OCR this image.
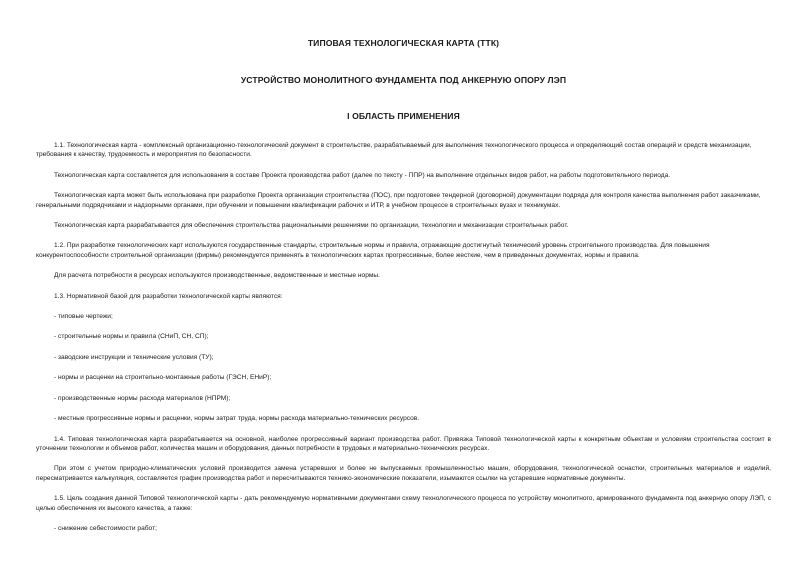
ТИПОВАЯ ТЕХНОЛОГИЧЕСКАЯ КАРТА (ТТК)
УСТРОЙСТВО МОНОЛИТНОГО ФУНДАМЕНТА ПОД АНКЕРНУЮ ОПОРУ ЛЭП
I ОБЛАСТЬ ПРИМЕНЕНИЯ

1.1. Технологическая карта - комплексный организационно-технологический документ в строительстве, разрабатываемый для выполнения технологического процесса и определяющий состав операций и средств механизации, требования к качеству, трудоемкость и мероприятия по безопасности.

Технологическая карта составляется для использования в составе Проекта производства работ (далее по тексту - ППР) на выполнение отдельных видов работ, на работы подготовительного периода.

Технологическая карта может быть использована при разработке Проекта организации строительства (ПОС), при подготовке тендерной (договорной) документации подряда для контроля качества выполнения работ заказчиками, генеральными подрядчиками и надзорными органами, при обучении и повышении квалификации рабочих и ИТР, в учебном процессе в строительных вузах и техникумах.

Технологическая карта разрабатывается для обеспечения строительства рациональными решениями по организации, технологии и механизации строительных работ.

1.2. При разработке технологических карт используются государственные стандарты, строительные нормы и правила, отражающие достигнутый технический уровень строительного производства. Для повышения конкурентоспособности строительной организации (фирмы) рекомендуется применять в технологических картах прогрессивные, более жесткие, чем в приведенных документах, нормы и правила.

Для расчета потребности в ресурсах используются производственные, ведомственные и местные нормы.

1.3. Нормативной базой для разработки технологической карты являются:

- типовые чертежи;

- строительные нормы и правила (СНиП, СН, СП);

- заводские инструкции и технические условия (ТУ);

- нормы и расценки на строительно-монтажные работы (ГЭСН, ЕНиР);

- производственные нормы расхода материалов (НПРМ);

- местные прогрессивные нормы и расценки, нормы затрат труда, нормы расхода материально-технических ресурсов.

1.4. Типовая технологическая карта разрабатывается на основной, наиболее прогрессивный вариант производства работ. Привязка Типовой технологической карты к конкретным объектам и условиям строительства состоит в уточнении технологии и объемов работ, количества машин и оборудования, данных потребности в трудовых и материально-технических ресурсах.

При этом с учетом природно-климатических условий производится замена устаревших и более не выпускаемых промышленностью машин, оборудования, технологической оснастки, строительных материалов и изделий, пересматривается калькуляция, составляется график производства работ и пересчитываются технико-экономические показатели, изымаются ссылки на устаревшие нормативные документы.

1.5. Цель создания данной Типовой технологической карты - дать рекомендуемую нормативными документами схему технологического процесса по устройству монолитного, армированного фундамента под анкерную опору ЛЭП, с целью обеспечения их высокого качества, а также:

- снижение себестоимости работ;
